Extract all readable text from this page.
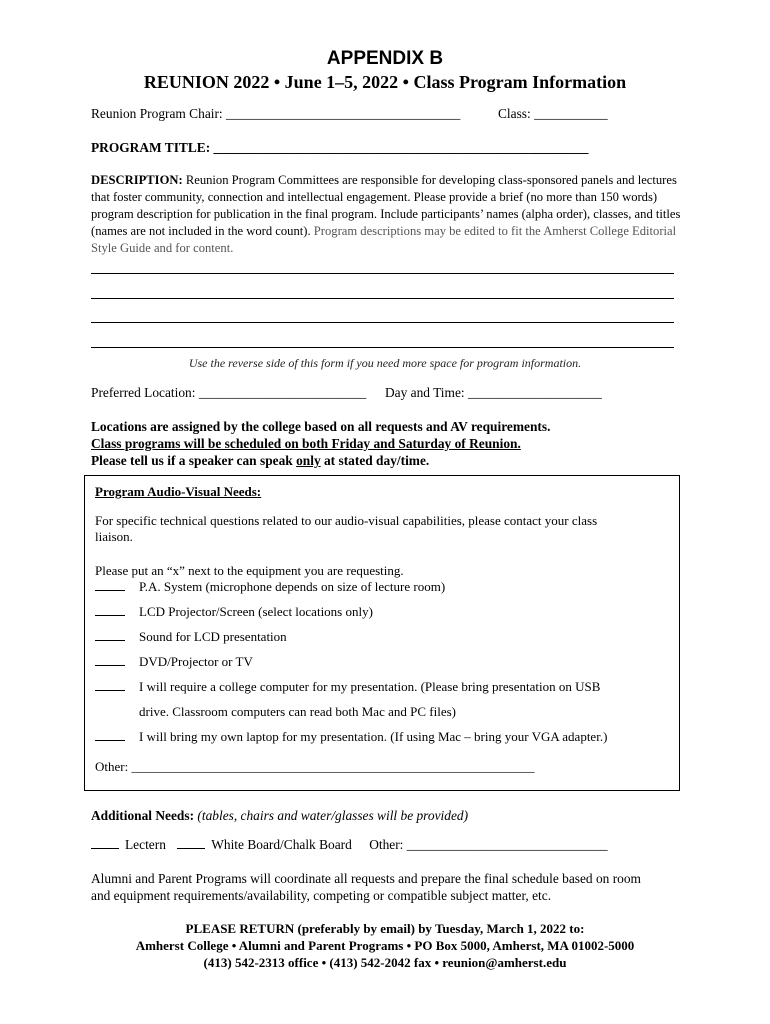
APPENDIX B
REUNION 2022 • June 1–5, 2022 • Class Program Information
Reunion Program Chair: ___________________________________	Class: ___________
PROGRAM TITLE: ________________________________________________________
DESCRIPTION: Reunion Program Committees are responsible for developing class-sponsored panels and lectures that foster community, connection and intellectual engagement. Please provide a brief (no more than 150 words) program description for publication in the final program. Include participants’ names (alpha order), classes, and titles (names are not included in the word count). Program descriptions may be edited to fit the Amherst College Editorial Style Guide and for content.
Use the reverse side of this form if you need more space for program information.
Preferred Location: _________________________ Day and Time: ____________________
Locations are assigned by the college based on all requests and AV requirements.
Class programs will be scheduled on both Friday and Saturday of Reunion.
Please tell us if a speaker can speak only at stated day/time.
Program Audio-Visual Needs:
For specific technical questions related to our audio-visual capabilities, please contact your class
liaison.
Please put an “x” next to the equipment you are requesting.
P.A. System (microphone depends on size of lecture room)
LCD Projector/Screen (select locations only)
Sound for LCD presentation
DVD/Projector or TV
I will require a college computer for my presentation. (Please bring presentation on USB
drive. Classroom computers can read both Mac and PC files)
I will bring my own laptop for my presentation. (If using Mac – bring your VGA adapter.)
Other: ______________________________________________________________
Additional Needs: (tables, chairs and water/glasses will be provided)
Lectern	White Board/Chalk Board Other: ______________________________
Alumni and Parent Programs will coordinate all requests and prepare the final schedule based on room
and equipment requirements/availability, competing or compatible subject matter, etc.
PLEASE RETURN (preferably by email) by Tuesday, March 1, 2022 to:
Amherst College • Alumni and Parent Programs • PO Box 5000, Amherst, MA 01002-5000
(413) 542-2313 office • (413) 542-2042 fax • reunion@amherst.edu
